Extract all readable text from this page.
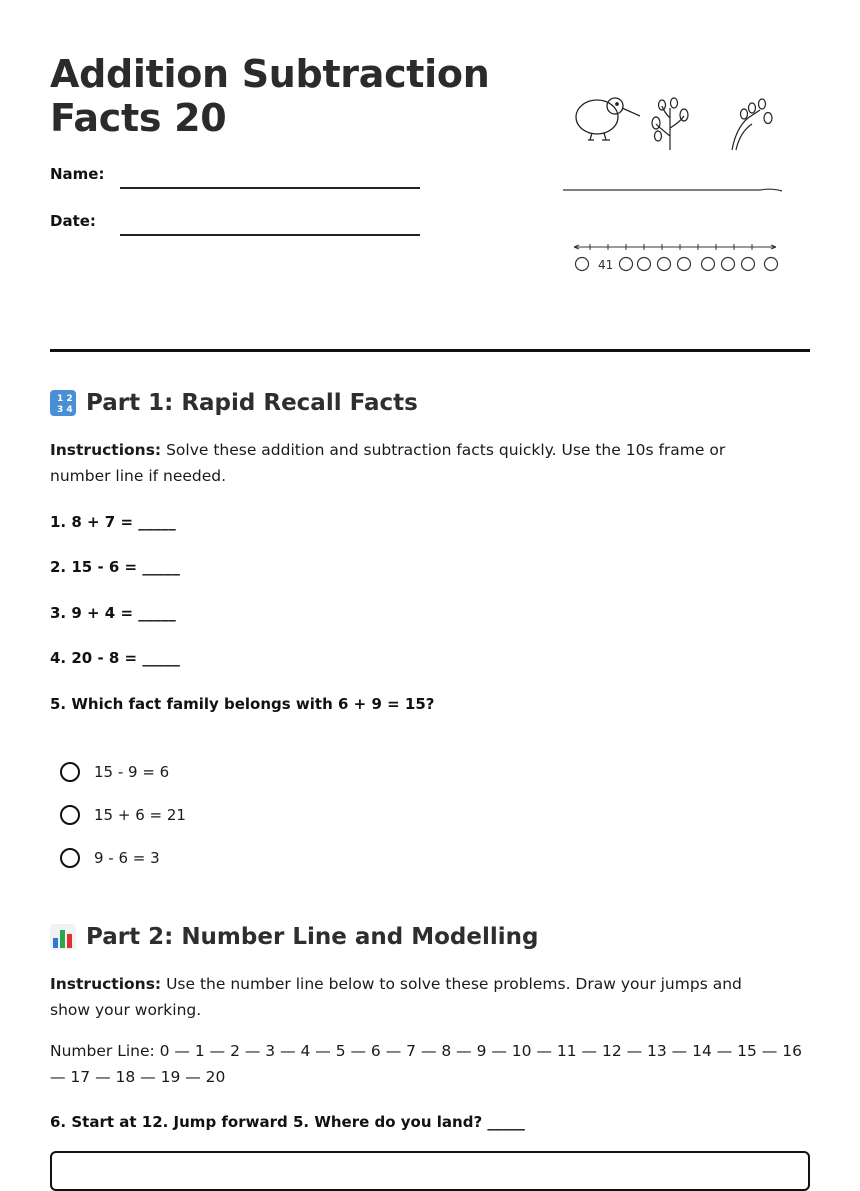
Addition Subtraction
Facts 20
Name:
Date:
41
1 2
3 4 Part 1: Rapid Recall Facts

Instructions: Solve these addition and subtraction facts quickly. Use the 10s frame or number line if needed.

1. 8 + 7 = _____

2. 15 - 6 = _____

3. 9 + 4 = _____

4. 20 - 8 = _____

5. Which fact family belongs with 6 + 9 = 15?

15 - 9 = 6
15 + 6 = 21
9 - 6 = 3
Part 2: Number Line and Modelling

Instructions: Use the number line below to solve these problems. Draw your jumps and show your working.

Number Line: 0 — 1 — 2 — 3 — 4 — 5 — 6 — 7 — 8 — 9 — 10 — 11 — 12 — 13 — 14 — 15 — 16 — 17 — 18 — 19 — 20

6. Start at 12. Jump forward 5. Where do you land? _____
